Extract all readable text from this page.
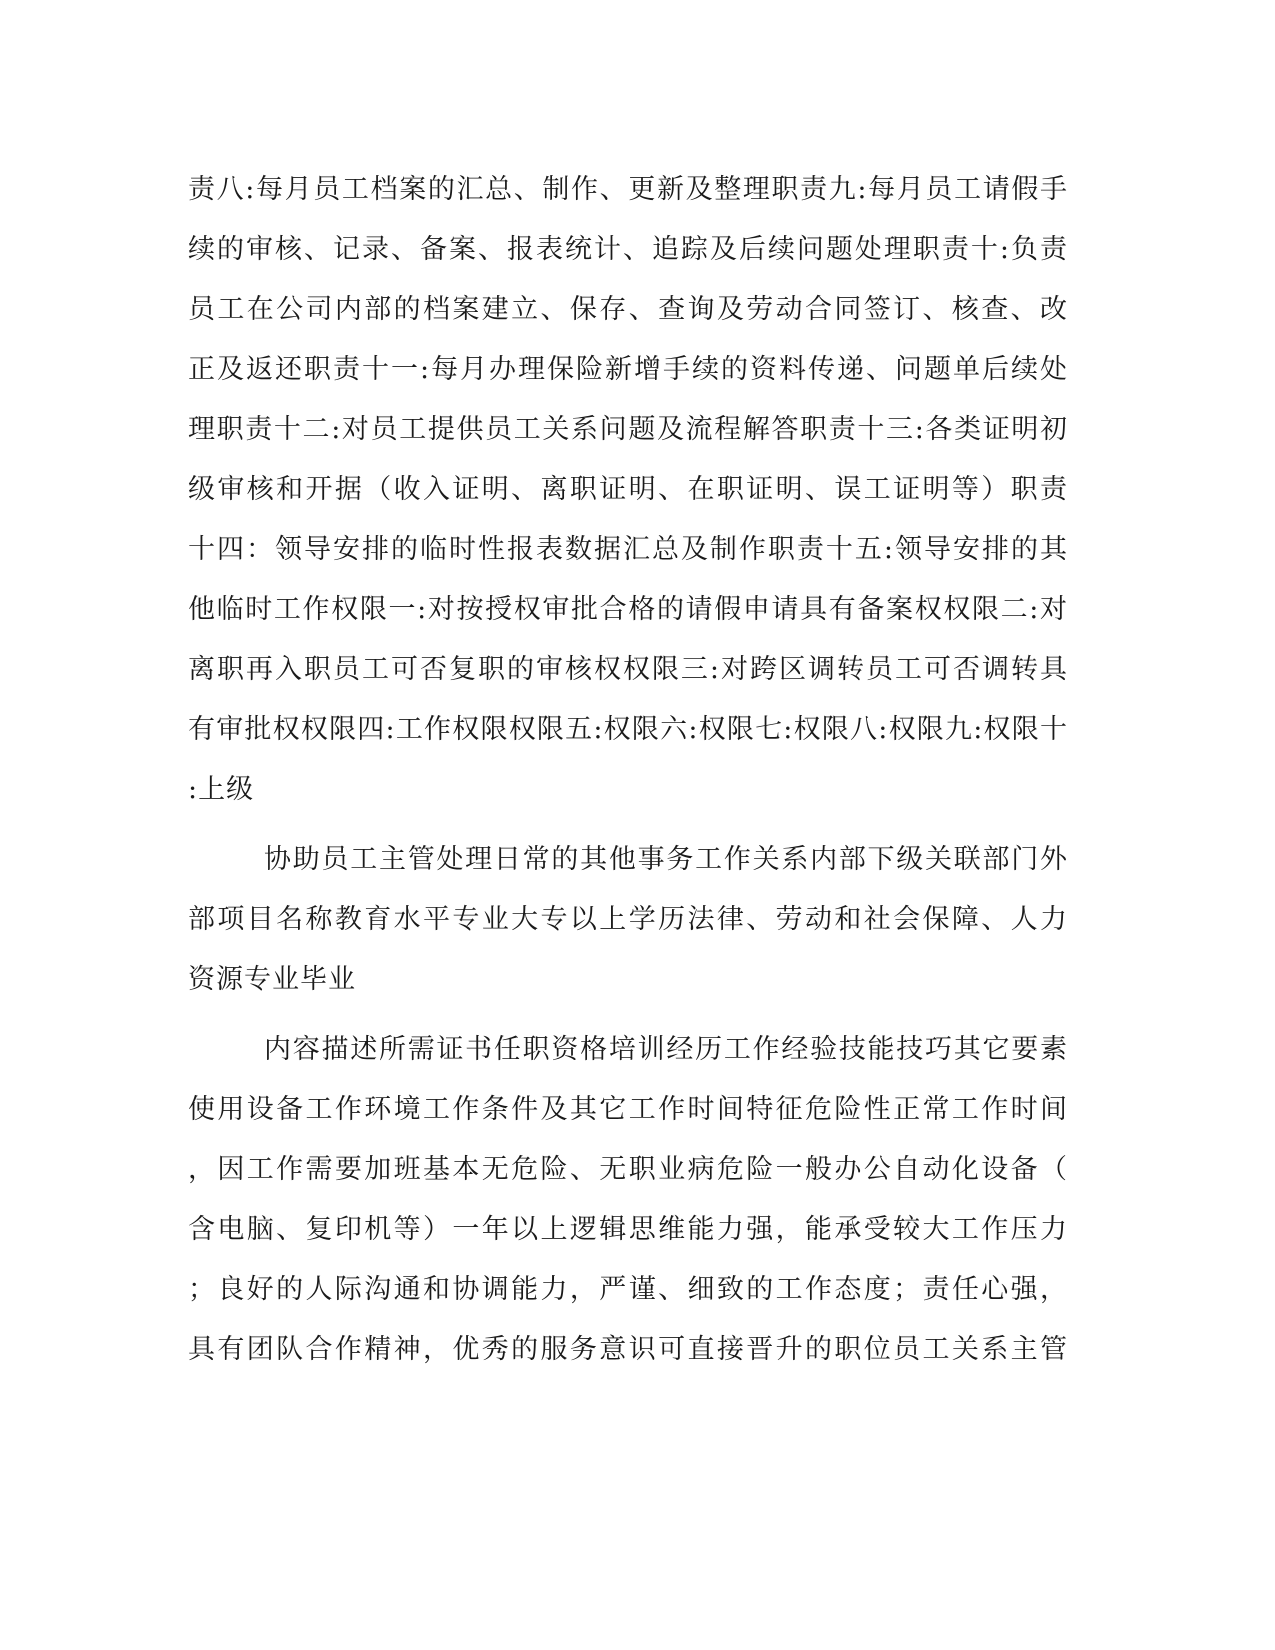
责八:每月员工档案的汇总、制作、更新及整理职责九:每月员工请假手
续的审核、记录、备案、报表统计、追踪及后续问题处理职责十:负责
员工在公司内部的档案建立、保存、查询及劳动合同签订、核查、改
正及返还职责十一:每月办理保险新增手续的资料传递、问题单后续处
理职责十二:对员工提供员工关系问题及流程解答职责十三:各类证明初
级审核和开据（收入证明、离职证明、在职证明、误工证明等）职责
十四：领导安排的临时性报表数据汇总及制作职责十五:领导安排的其
他临时工作权限一:对按授权审批合格的请假申请具有备案权权限二:对
离职再入职员工可否复职的审核权权限三:对跨区调转员工可否调转具
有审批权权限四:工作权限权限五:权限六:权限七:权限八:权限九:权限十
:上级
协助员工主管处理日常的其他事务工作关系内部下级关联部门外
部项目名称教育水平专业大专以上学历法律、劳动和社会保障、人力
资源专业毕业
内容描述所需证书任职资格培训经历工作经验技能技巧其它要素
使用设备工作环境工作条件及其它工作时间特征危险性正常工作时间
，因工作需要加班基本无危险、无职业病危险一般办公自动化设备（
含电脑、复印机等）一年以上逻辑思维能力强，能承受较大工作压力
；良好的人际沟通和协调能力，严谨、细致的工作态度；责任心强，
具有团队合作精神，优秀的服务意识可直接晋升的职位员工关系主管
